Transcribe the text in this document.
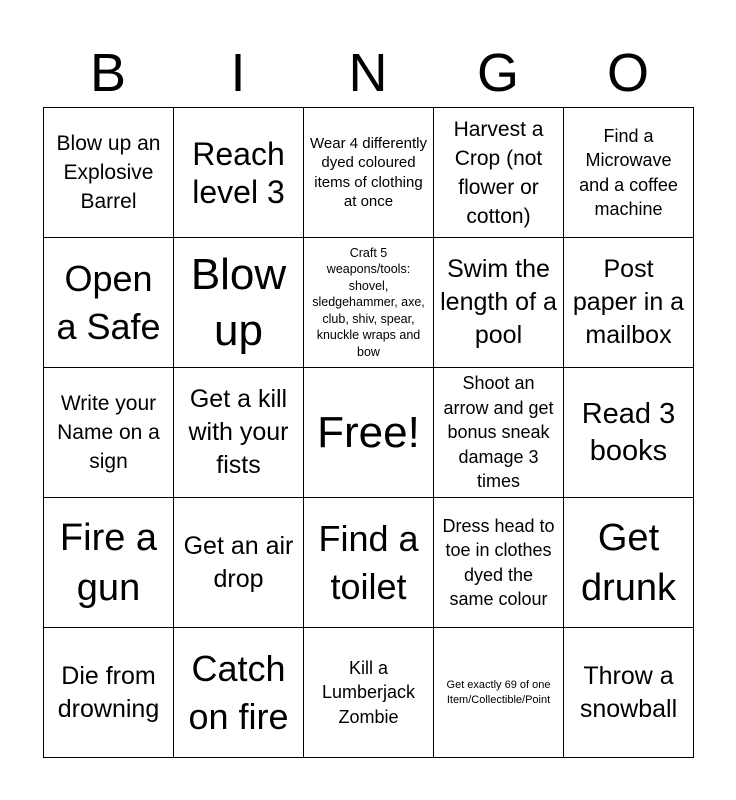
B	I	N	G	O
Blow up an Explosive Barrel	Reach level 3	Wear 4 differently dyed coloured items of clothing at once	Harvest a Crop (not flower or cotton)	Find a Microwave and a coffee machine
Open a Safe	Blow up	Craft 5 weapons/tools: shovel, sledgehammer, axe, club, shiv, spear, knuckle wraps and bow	Swim the length of a pool	Post paper in a mailbox
Write your Name on a sign	Get a kill with your fists	Free!	Shoot an arrow and get bonus sneak damage 3 times	Read 3 books
Fire a gun	Get an air drop	Find a toilet	Dress head to toe in clothes dyed the same colour	Get drunk
Die from drowning	Catch on fire	Kill a Lumberjack Zombie	Get exactly 69 of one Item/Collectible/Point	Throw a snowball
